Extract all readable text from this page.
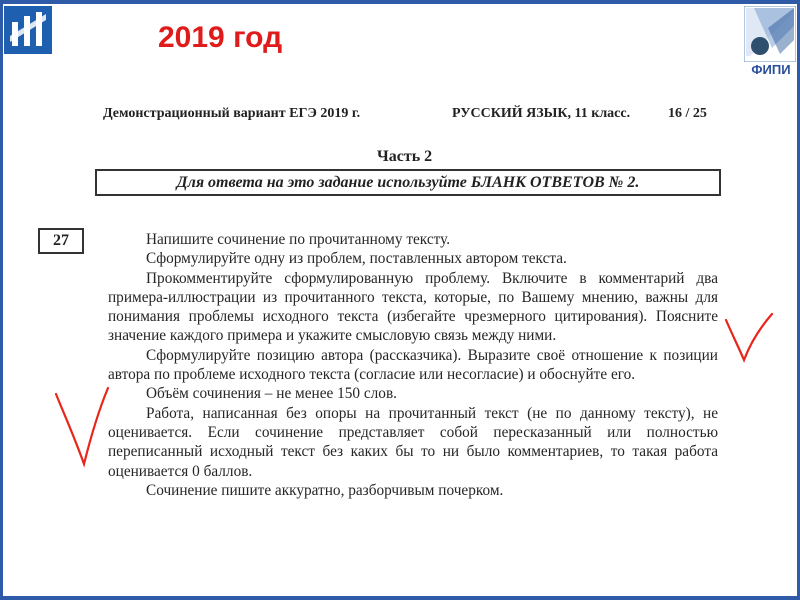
2019 год
ФИПИ
Демонстрационный вариант ЕГЭ 2019 г.	РУССКИЙ ЯЗЫК, 11 класс.	16 / 25
Часть 2
Для ответа на это задание используйте БЛАНК ОТВЕТОВ № 2.
27	Напишите сочинение по прочитанному тексту.

Сформулируйте одну из проблем, поставленных автором текста.

Прокомментируйте сформулированную проблему. Включите в комментарий два примера-иллюстрации из прочитанного текста, которые, по Вашему мнению, важны для понимания проблемы исходного текста (избегайте чрезмерного цитирования). Поясните значение каждого примера и укажите смысловую связь между ними.

Сформулируйте позицию автора (рассказчика). Выразите своё отношение к позиции автора по проблеме исходного текста (согласие или несогласие) и обоснуйте его.

Объём сочинения – не менее 150 слов.

Работа, написанная без опоры на прочитанный текст (не по данному тексту), не оценивается. Если сочинение представляет собой пересказанный или полностью переписанный исходный текст без каких бы то ни было комментариев, то такая работа оценивается 0 баллов.

Сочинение пишите аккуратно, разборчивым почерком.
